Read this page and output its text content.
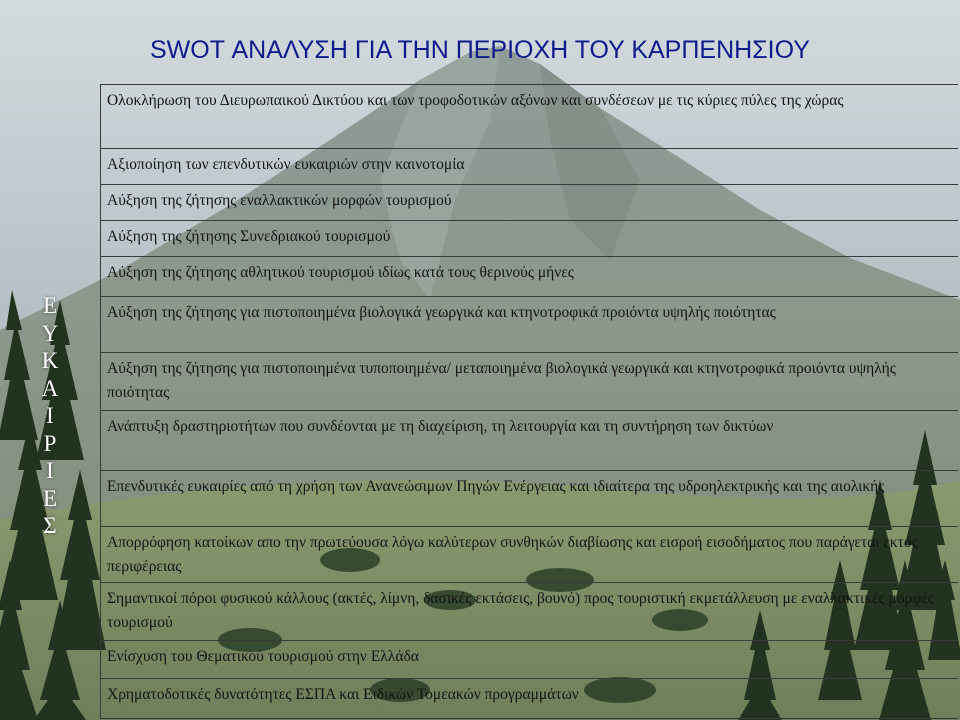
SWOT ΑΝΑΛΥΣΗ ΓΙΑ ΤΗΝ ΠΕΡΙΟΧΗ ΤΟΥ ΚΑΡΠΕΝΗΣΙΟΥ
Ε
Υ
Κ
Α
Ι
Ρ
Ι
Ε
Σ
Ολοκλήρωση του Διευρωπαικού Δικτύου και των τροφοδοτικών αξόνων και συνδέσεων με τις κύριες πύλες της χώρας
Αξιοποίηση των επενδυτικών ευκαιριών στην καινοτομία
Αύξηση της ζήτησης εναλλακτικών μορφών τουρισμού
Αύξηση της ζήτησης Συνεδριακού τουρισμού
Αύξηση της ζήτησης αθλητικού τουρισμού ιδίως κατά τους θερινούς μήνες
Αύξηση της ζήτησης για πιστοποιημένα βιολογικά γεωργικά και κτηνοτροφικά προιόντα υψηλής ποιότητας
Αύξηση της ζήτησης για πιστοποιημένα τυποποιημένα/ μεταποιημένα βιολογικά γεωργικά και κτηνοτροφικά προιόντα υψηλής ποιότητας
Ανάπτυξη δραστηριοτήτων που συνδέονται με τη διαχείριση, τη λειτουργία και τη συντήρηση των δικτύων
Επενδυτικές ευκαιρίες από τη χρήση των Ανανεώσιμων Πηγών Ενέργειας και ιδιαίτερα της υδροηλεκτρικής και της αιολικής
Απορρόφηση κατοίκων απο την πρωτεύουσα λόγω καλύτερων συνθηκών διαβίωσης και εισροή εισοδήματος που παράγεται εκτός περιφέρειας
Σημαντικοί πόροι φυσικού κάλλους (ακτές, λίμνη, δασικές εκτάσεις, βουνό) προς τουριστική εκμετάλλευση με εναλλακτικές μορφές τουρισμού
Ενίσχυση του Θεματικού τουρισμού στην Ελλάδα
Χρηματοδοτικές δυνατότητες ΕΣΠΑ και Ειδικών Τομεακών προγραμμάτων
